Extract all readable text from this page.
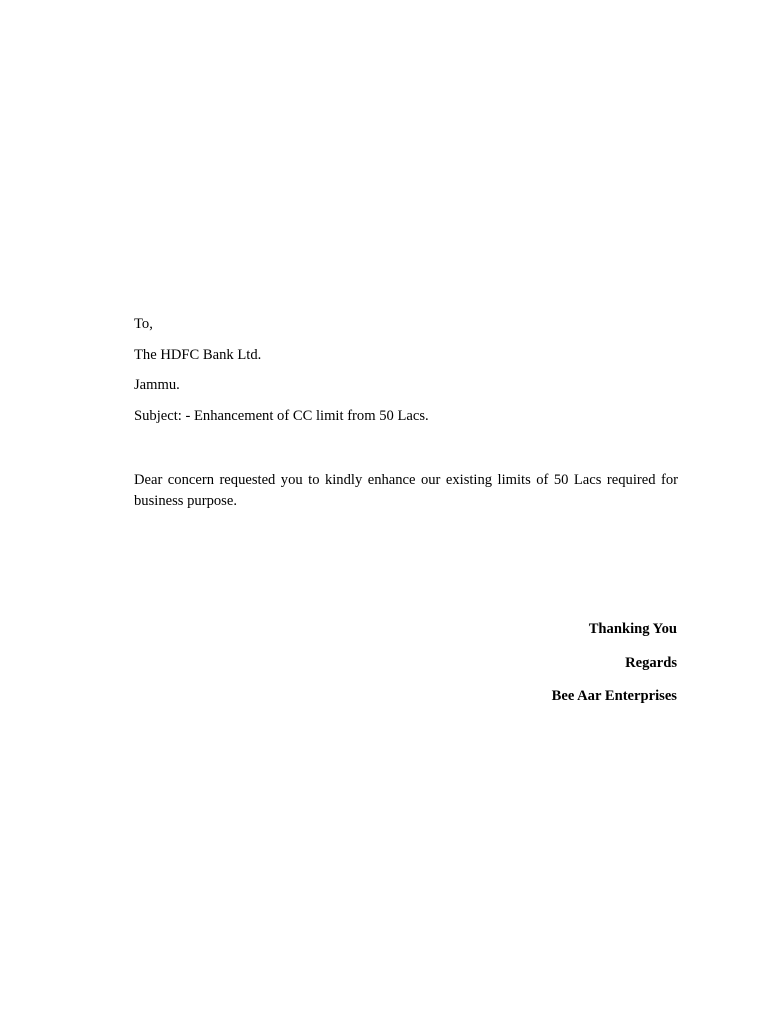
To,
The HDFC Bank Ltd.
Jammu.
Subject: - Enhancement of CC limit from 50 Lacs.
Dear concern requested you to kindly enhance our existing limits of 50 Lacs required for business purpose.
Thanking You
Regards
Bee Aar Enterprises
